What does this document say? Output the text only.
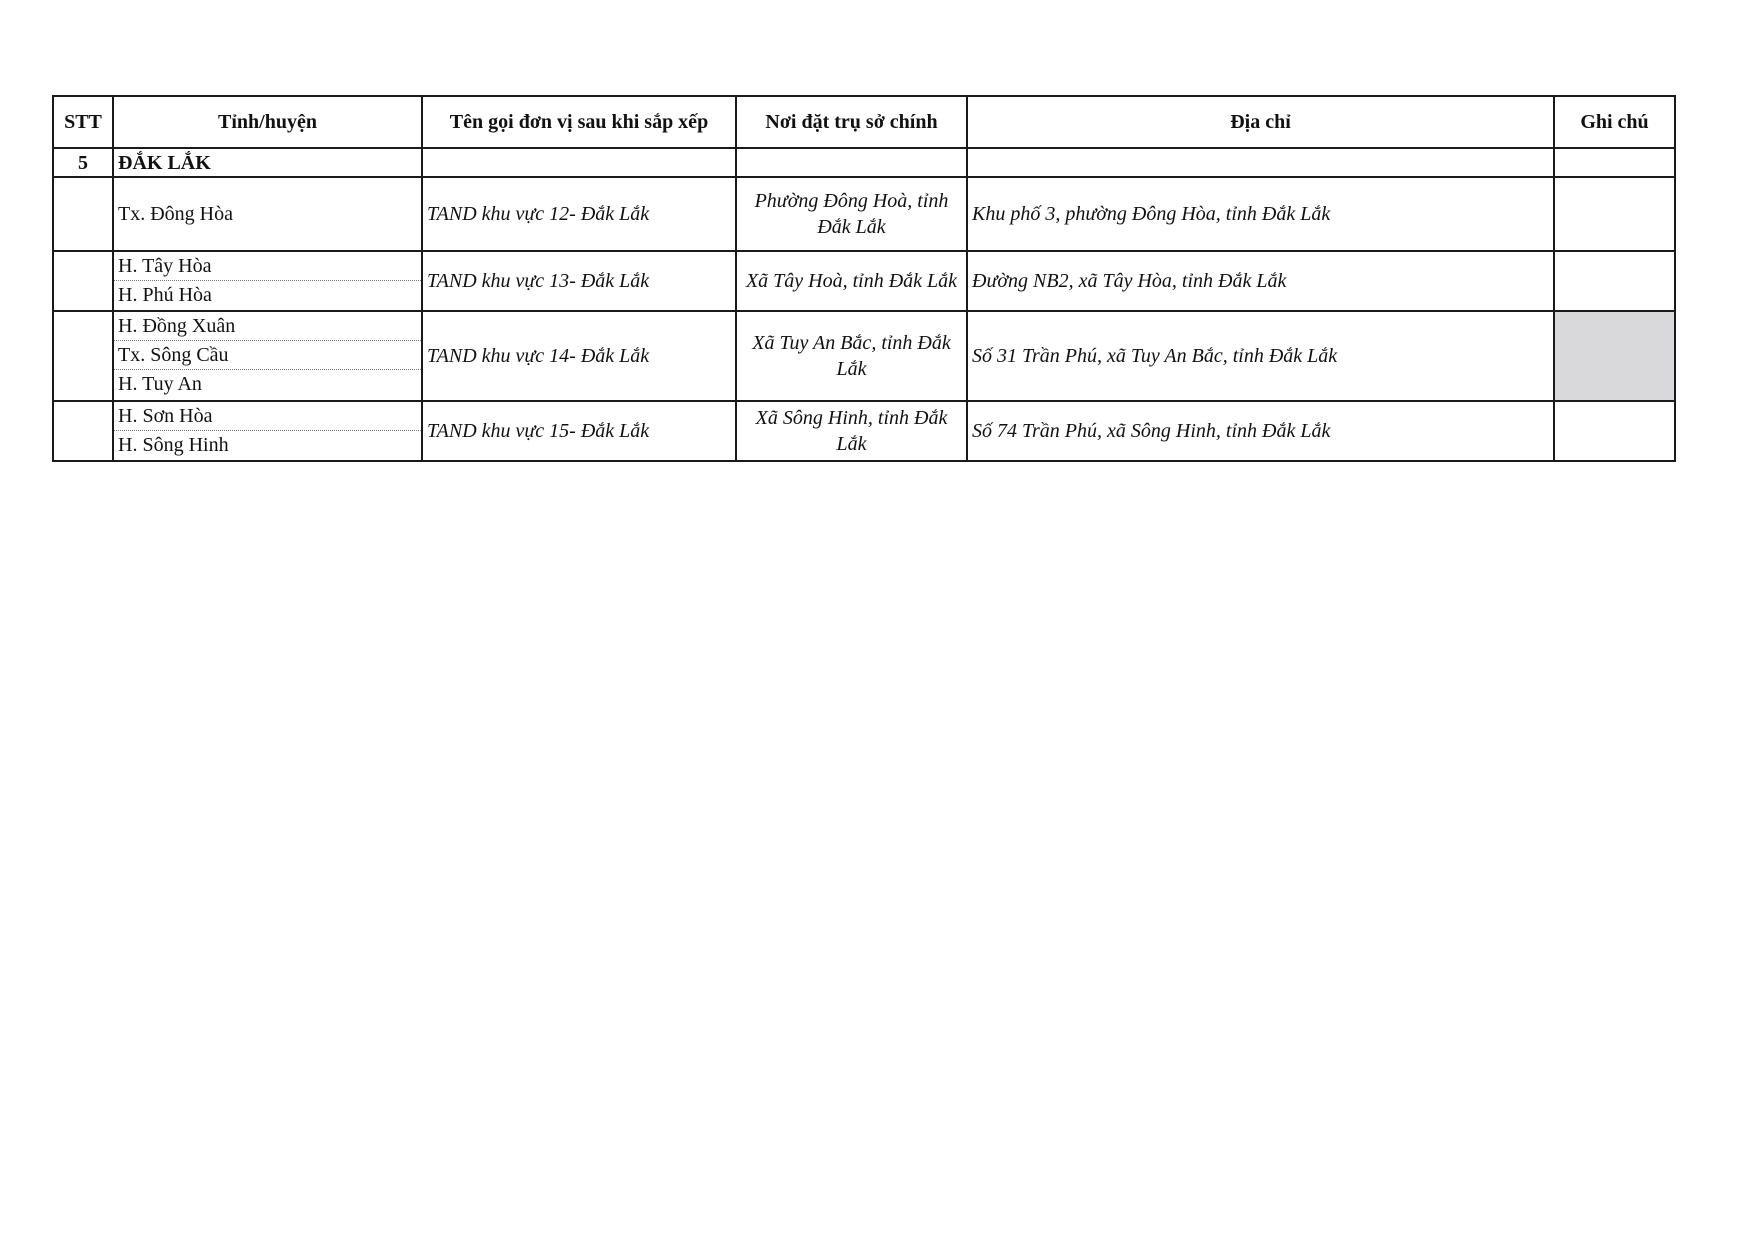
STT	Tỉnh/huyện	Tên gọi đơn vị sau khi sắp xếp	Nơi đặt trụ sở chính	Địa chỉ	Ghi chú
5	ĐẮK LẮK				

	Tx. Đông Hòa	TAND khu vực 12- Đắk Lắk	Phường Đông Hoà, tỉnh Đắk Lắk	Khu phố 3, phường Đông Hòa, tỉnh Đắk Lắk	

	H. Tây Hòa
H. Phú Hòa	TAND khu vực 13- Đắk Lắk	Xã Tây Hoà, tỉnh Đắk Lắk	Đường NB2, xã Tây Hòa, tỉnh Đắk Lắk	

	H. Đồng Xuân
Tx. Sông Cầu
H. Tuy An	TAND khu vực 14- Đắk Lắk	Xã Tuy An Bắc, tỉnh Đắk Lắk	Số 31 Trần Phú, xã Tuy An Bắc, tỉnh Đắk Lắk	

	H. Sơn Hòa
H. Sông Hinh	TAND khu vực 15- Đắk Lắk	Xã Sông Hinh, tỉnh Đắk Lắk	Số 74 Trần Phú, xã Sông Hinh, tỉnh Đắk Lắk	
